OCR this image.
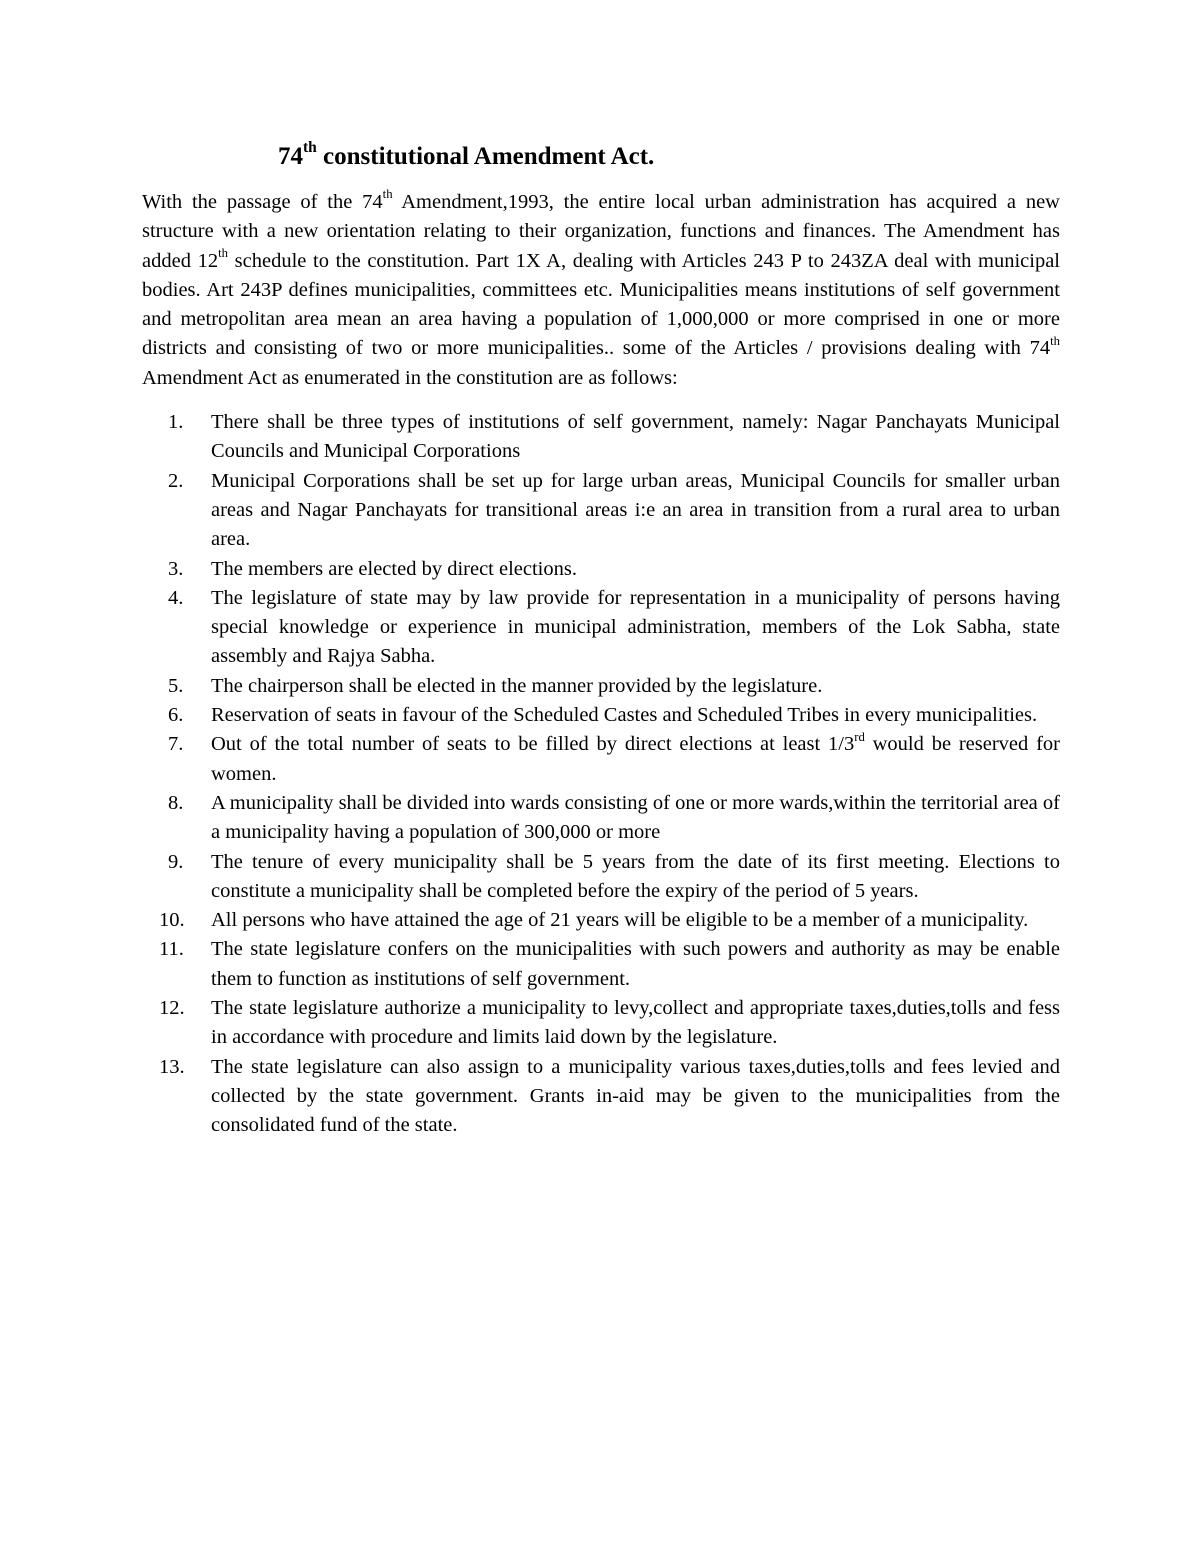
74th constitutional Amendment Act.

With the passage of the 74th Amendment,1993, the entire local urban administration has acquired a new structure with a new orientation relating to their organization, functions and finances. The Amendment has added 12th schedule to the constitution. Part 1X A, dealing with Articles 243 P to 243ZA deal with municipal bodies. Art 243P defines municipalities, committees etc. Municipalities means institutions of self government and metropolitan area mean an area having a population of 1,000,000 or more comprised in one or more districts and consisting of two or more municipalities.. some of the Articles / provisions dealing with 74th Amendment Act as enumerated in the constitution are as follows:

1.	There shall be three types of institutions of self government, namely: Nagar Panchayats Municipal Councils and Municipal Corporations
2.	Municipal Corporations shall be set up for large urban areas, Municipal Councils for smaller urban areas and Nagar Panchayats for transitional areas i:e an area in transition from a rural area to urban area.
3.	The members are elected by direct elections.
4.	The legislature of state may by law provide for representation in a municipality of persons having special knowledge or experience in municipal administration, members of the Lok Sabha, state assembly and Rajya Sabha.
5.	The chairperson shall be elected in the manner provided by the legislature.
6.	Reservation of seats in favour of the Scheduled Castes and Scheduled Tribes in every municipalities.
7.	Out of the total number of seats to be filled by direct elections at least 1/3rd would be reserved for women.
8.	A municipality shall be divided into wards consisting of one or more wards,within the territorial area of a municipality having a population of 300,000 or more
9.	The tenure of every municipality shall be 5 years from the date of its first meeting. Elections to constitute a municipality shall be completed before the expiry of the period of 5 years.
10.	All persons who have attained the age of 21 years will be eligible to be a member of a municipality.
11.	The state legislature confers on the municipalities with such powers and authority as may be enable them to function as institutions of self government.
12.	The state legislature authorize a municipality to levy,collect and appropriate taxes,duties,tolls and fess in accordance with procedure and limits laid down by the legislature.
13.	The state legislature can also assign to a municipality various taxes,duties,tolls and fees levied and collected by the state government. Grants in-aid may be given to the municipalities from the consolidated fund of the state.
